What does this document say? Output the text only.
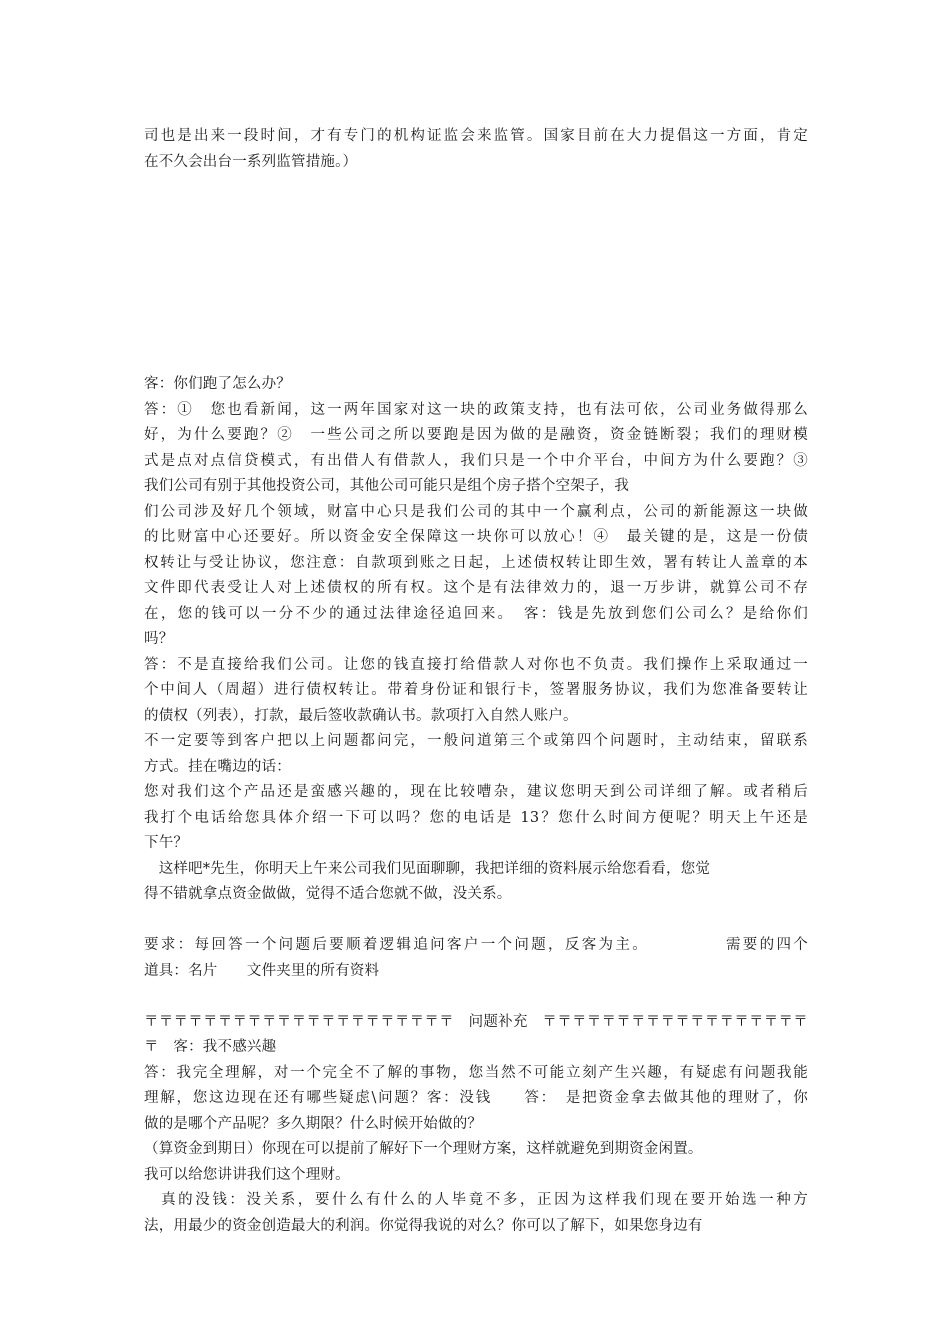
司也是出来一段时间，才有专门的机构证监会来监管。国家目前在大力提倡这一方面，肯定
在不久会出台一系列监管措施。）
客：你们跑了怎么办？
答：①　您也看新闻，这一两年国家对这一块的政策支持，也有法可依，公司业务做得那么
好，为什么要跑？②　一些公司之所以要跑是因为做的是融资，资金链断裂；我们的理财模
式是点对点信贷模式，有出借人有借款人，我们只是一个中介平台，中间方为什么要跑？③
我们公司有别于其他投资公司，其他公司可能只是组个房子搭个空架子，我
们公司涉及好几个领域，财富中心只是我们公司的其中一个赢利点，公司的新能源这一块做
的比财富中心还要好。所以资金安全保障这一块你可以放心！④　最关键的是，这是一份债
权转让与受让协议，您注意：自款项到账之日起，上述债权转让即生效，署有转让人盖章的本
文件即代表受让人对上述债权的所有权。这个是有法律效力的，退一万步讲，就算公司不存
在，您的钱可以一分不少的通过法律途径追回来。　客：钱是先放到您们公司么？是给你们
吗？
答：不是直接给我们公司。让您的钱直接打给借款人对你也不负责。我们操作上采取通过一
个中间人（周超）进行债权转让。带着身份证和银行卡，签署服务协议，我们为您准备要转让
的债权（列表），打款，最后签收款确认书。款项打入自然人账户。
不一定要等到客户把以上问题都问完，一般问道第三个或第四个问题时，主动结束，留联系
方式。挂在嘴边的话：
您对我们这个产品还是蛮感兴趣的，现在比较嘈杂，建议您明天到公司详细了解。或者稍后
我打个电话给您具体介绍一下可以吗？您的电话是 13？您什么时间方便呢？明天上午还是
下午？
　这样吧*先生，你明天上午来公司我们见面聊聊，我把详细的资料展示给您看看，您觉
得不错就拿点资金做做，觉得不适合您就不做，没关系。

要求：每回答一个问题后要顺着逻辑追问客户一个问题，反客为主。　　　　　需要的四个
道具：名片　　文件夹里的所有资料

〒〒〒〒〒〒〒〒〒〒〒〒〒〒〒〒〒〒〒〒〒　问题补充　〒〒〒〒〒〒〒〒〒〒〒〒〒〒〒〒〒〒
〒　客：我不感兴趣
答：我完全理解，对一个完全不了解的事物，您当然不可能立刻产生兴趣，有疑虑有问题我能
理解，您这边现在还有哪些疑虑\问题？客：没钱　　答：　是把资金拿去做其他的理财了，你
做的是哪个产品呢？多久期限？什么时候开始做的？
（算资金到期日）你现在可以提前了解好下一个理财方案，这样就避免到期资金闲置。
我可以给您讲讲我们这个理财。
　真的没钱：没关系，要什么有什么的人毕竟不多，正因为这样我们现在要开始选一种方
法，用最少的资金创造最大的利润。你觉得我说的对么？你可以了解下，如果您身边有
